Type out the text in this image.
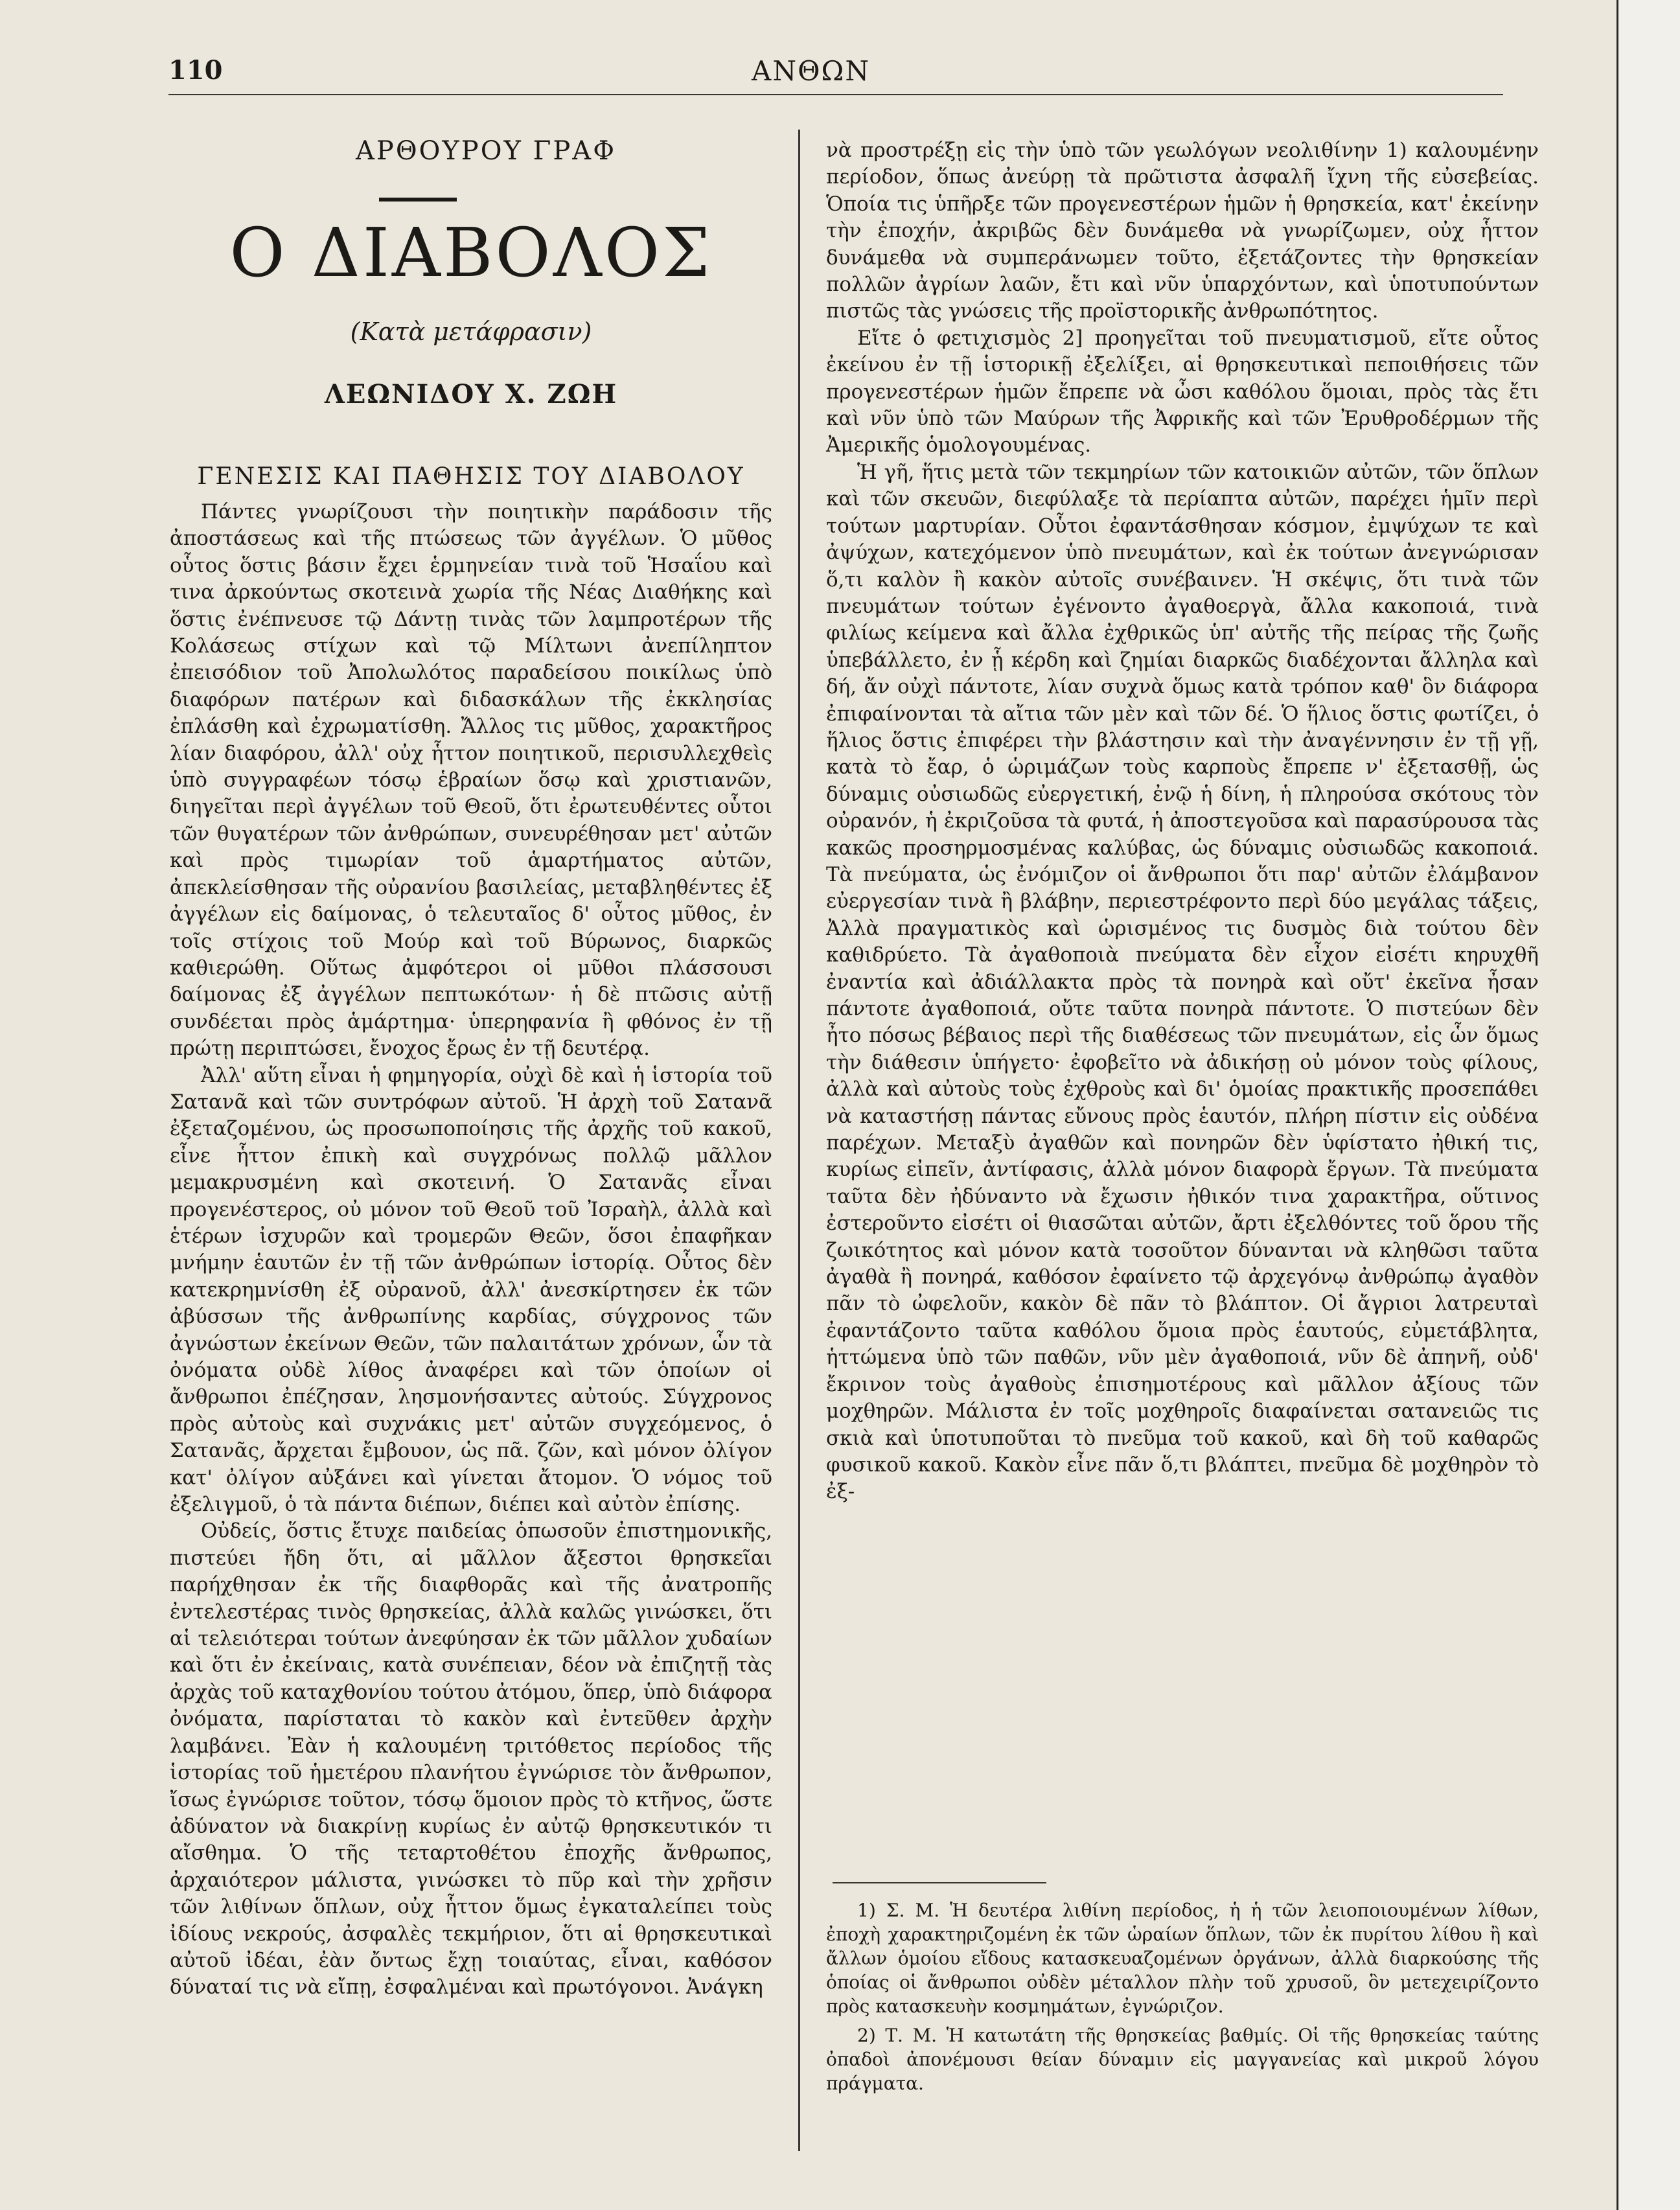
110	ΑΝΘΩΝ
ΑΡΘΟΥΡΟΥ ΓΡΑΦ
Ο ΔΙΑΒΟΛΟΣ
(Κατὰ μετάφρασιν)
ΛΕΩΝΙΔΟΥ Χ. ΖΩΗ
ΓΕΝΕΣΙΣ ΚΑΙ ΠΑΘΗΣΙΣ ΤΟΥ ΔΙΑΒΟΛΟΥ

Πάντες γνωρίζουσι τὴν ποιητικὴν παράδοσιν τῆς ἀποστάσεως καὶ τῆς πτώσεως τῶν ἀγγέλων. Ὁ μῦθος οὗτος ὅστις βάσιν ἔχει ἑρμηνείαν τινὰ τοῦ Ἡσαΐου καὶ τινα ἀρκούντως σκοτεινὰ χωρία τῆς Νέας Διαθήκης καὶ ὅστις ἐνέπνευσε τῷ Δάντῃ τινὰς τῶν λαμπροτέρων τῆς Κολάσεως στίχων καὶ τῷ Μίλτωνι ἀνεπίληπτον ἐπεισόδιον τοῦ Ἀπολωλότος παραδείσου ποικίλως ὑπὸ διαφόρων πατέρων καὶ διδασκάλων τῆς ἐκκλησίας ἐπλάσθη καὶ ἐχρωματίσθη. Ἄλλος τις μῦθος, χαρακτῆρος λίαν διαφόρου, ἀλλ' οὐχ ἧττον ποιητικοῦ, περισυλλεχθεὶς ὑπὸ συγγραφέων τόσῳ ἑβραίων ὅσῳ καὶ χριστιανῶν, διηγεῖται περὶ ἀγγέλων τοῦ Θεοῦ, ὅτι ἐρωτευθέντες οὗτοι τῶν θυγατέρων τῶν ἀνθρώπων, συνευρέθησαν μετ' αὐτῶν καὶ πρὸς τιμωρίαν τοῦ ἁμαρτήματος αὐτῶν, ἀπεκλείσθησαν τῆς οὐρανίου βασιλείας, μεταβληθέντες ἐξ ἀγγέλων εἰς δαίμονας, ὁ τελευταῖος δ' οὗτος μῦθος, ἐν τοῖς στίχοις τοῦ Μούρ καὶ τοῦ Βύρωνος, διαρκῶς καθιερώθη. Οὕτως ἀμφότεροι οἱ μῦθοι πλάσσουσι δαίμονας ἐξ ἀγγέλων πεπτωκότων· ἡ δὲ πτῶσις αὐτῇ συνδέεται πρὸς ἁμάρτημα· ὑπερηφανία ἢ φθόνος ἐν τῇ πρώτῃ περιπτώσει, ἔνοχος ἔρως ἐν τῇ δευτέρᾳ.

Ἀλλ' αὕτη εἶναι ἡ φημηγορία, οὐχὶ δὲ καὶ ἡ ἱστορία τοῦ Σατανᾶ καὶ τῶν συντρόφων αὐτοῦ. Ἡ ἀρχὴ τοῦ Σατανᾶ ἐξεταζομένου, ὡς προσωποποίησις τῆς ἀρχῆς τοῦ κακοῦ, εἶνε ἧττον ἐπικὴ καὶ συγχρόνως πολλῷ μᾶλλον μεμακρυσμένη καὶ σκοτεινή. Ὁ Σατανᾶς εἶναι προγενέστερος, οὐ μόνον τοῦ Θεοῦ τοῦ Ἰσραὴλ, ἀλλὰ καὶ ἑτέρων ἰσχυρῶν καὶ τρομερῶν Θεῶν, ὅσοι ἐπαφῆκαν μνήμην ἑαυτῶν ἐν τῇ τῶν ἀνθρώπων ἱστορίᾳ. Οὗτος δὲν κατεκρημνίσθη ἐξ οὐρανοῦ, ἀλλ' ἀνεσκίρτησεν ἐκ τῶν ἀβύσσων τῆς ἀνθρωπίνης καρδίας, σύγχρονος τῶν ἀγνώστων ἐκείνων Θεῶν, τῶν παλαιτάτων χρόνων, ὧν τὰ ὀνόματα οὐδὲ λίθος ἀναφέρει καὶ τῶν ὁποίων οἱ ἄνθρωποι ἐπέζησαν, λησμονήσαντες αὐτούς. Σύγχρονος πρὸς αὐτοὺς καὶ συχνάκις μετ' αὐτῶν συγχεόμενος, ὁ Σατανᾶς, ἄρχεται ἔμβουον, ὡς πᾶ. ζῶν, καὶ μόνον ὀλίγον κατ' ὀλίγον αὐξάνει καὶ γίνεται ἄτομον. Ὁ νόμος τοῦ ἐξελιγμοῦ, ὁ τὰ πάντα διέπων, διέπει καὶ αὐτὸν ἐπίσης.

Οὐδείς, ὅστις ἔτυχε παιδείας ὁπωσοῦν ἐπιστημονικῆς, πιστεύει ἤδη ὅτι, αἱ μᾶλλον ἄξεστοι θρησκεῖαι παρήχθησαν ἐκ τῆς διαφθορᾶς καὶ τῆς ἀνατροπῆς ἐντελεστέρας τινὸς θρησκείας, ἀλλὰ καλῶς γινώσκει, ὅτι αἱ τελειότεραι τούτων ἀνεφύησαν ἐκ τῶν μᾶλλον χυδαίων καὶ ὅτι ἐν ἐκείναις, κατὰ συνέπειαν, δέον νὰ ἐπιζητῇ τὰς ἀρχὰς τοῦ καταχθονίου τούτου ἀτόμου, ὅπερ, ὑπὸ διάφορα ὀνόματα, παρίσταται τὸ κακὸν καὶ ἐντεῦθεν ἀρχὴν λαμβάνει. Ἐὰν ἡ καλουμένη τριτόθετος περίοδος τῆς ἱστορίας τοῦ ἡμετέρου πλανήτου ἐγνώρισε τὸν ἄνθρωπον, ἴσως ἐγνώρισε τοῦτον, τόσῳ ὅμοιον πρὸς τὸ κτῆνος, ὥστε ἀδύνατον νὰ διακρίνῃ κυρίως ἐν αὐτῷ θρησκευτικόν τι αἴσθημα. Ὁ τῆς τεταρτοθέτου ἐποχῆς ἄνθρωπος, ἀρχαιότερον μάλιστα, γινώσκει τὸ πῦρ καὶ τὴν χρῆσιν τῶν λιθίνων ὅπλων, οὐχ ἧττον ὅμως ἐγκαταλείπει τοὺς ἰδίους νεκρούς, ἀσφαλὲς τεκμήριον, ὅτι αἱ θρησκευτικαὶ αὐτοῦ ἰδέαι, ἐὰν ὄντως ἔχῃ τοιαύτας, εἶναι, καθόσον δύναταί τις νὰ εἴπῃ, ἐσφαλμέναι καὶ πρωτόγονοι. Ἀνάγκη

νὰ προστρέξῃ εἰς τὴν ὑπὸ τῶν γεωλόγων νεολιθίνην 1) καλουμένην περίοδον, ὅπως ἀνεύρῃ τὰ πρῶτιστα ἀσφαλῆ ἴχνη τῆς εὐσεβείας. Ὁποία τις ὑπῆρξε τῶν προγενεστέρων ἡμῶν ἡ θρησκεία, κατ' ἐκείνην τὴν ἐποχήν, ἀκριβῶς δὲν δυνάμεθα νὰ γνωρίζωμεν, οὐχ ἧττον δυνάμεθα νὰ συμπεράνωμεν τοῦτο, ἐξετάζοντες τὴν θρησκείαν πολλῶν ἀγρίων λαῶν, ἔτι καὶ νῦν ὑπαρχόντων, καὶ ὑποτυπούντων πιστῶς τὰς γνώσεις τῆς προϊστορικῆς ἀνθρωπότητος.

Εἴτε ὁ φετιχισμὸς 2] προηγεῖται τοῦ πνευματισμοῦ, εἴτε οὗτος ἐκείνου ἐν τῇ ἱστορικῇ ἐξελίξει, αἱ θρησκευτικαὶ πεποιθήσεις τῶν προγενεστέρων ἡμῶν ἔπρεπε νὰ ὦσι καθόλου ὅμοιαι, πρὸς τὰς ἔτι καὶ νῦν ὑπὸ τῶν Μαύρων τῆς Ἀφρικῆς καὶ τῶν Ἐρυθροδέρμων τῆς Ἀμερικῆς ὁμολογουμένας.

Ἡ γῆ, ἥτις μετὰ τῶν τεκμηρίων τῶν κατοικιῶν αὐτῶν, τῶν ὅπλων καὶ τῶν σκευῶν, διεφύλαξε τὰ περίαπτα αὐτῶν, παρέχει ἡμῖν περὶ τούτων μαρτυρίαν. Οὗτοι ἐφαντάσθησαν κόσμον, ἐμψύχων τε καὶ ἀψύχων, κατεχόμενον ὑπὸ πνευμάτων, καὶ ἐκ τούτων ἀνεγνώρισαν ὅ,τι καλὸν ἢ κακὸν αὐτοῖς συνέβαινεν. Ἡ σκέψις, ὅτι τινὰ τῶν πνευμάτων τούτων ἐγένοντο ἀγαθοεργὰ, ἄλλα κακοποιά, τινὰ φιλίως κείμενα καὶ ἄλλα ἐχθρικῶς ὑπ' αὐτῆς τῆς πείρας τῆς ζωῆς ὑπεβάλλετο, ἐν ᾗ κέρδη καὶ ζημίαι διαρκῶς διαδέχονται ἄλληλα καὶ δή, ἄν οὐχὶ πάντοτε, λίαν συχνὰ ὅμως κατὰ τρόπον καθ' ὃν διάφορα ἐπιφαίνονται τὰ αἴτια τῶν μὲν καὶ τῶν δέ. Ὁ ἥλιος ὅστις φωτίζει, ὁ ἥλιος ὅστις ἐπιφέρει τὴν βλάστησιν καὶ τὴν ἀναγέννησιν ἐν τῇ γῇ, κατὰ τὸ ἔαρ, ὁ ὡριμάζων τοὺς καρποὺς ἔπρεπε ν' ἐξετασθῇ, ὡς δύναμις οὐσιωδῶς εὐεργετική, ἐνῷ ἡ δίνη, ἡ πληρούσα σκότους τὸν οὐρανόν, ἡ ἐκριζοῦσα τὰ φυτά, ἡ ἀποστεγοῦσα καὶ παρασύρουσα τὰς κακῶς προσηρμοσμένας καλύβας, ὡς δύναμις οὐσιωδῶς κακοποιά. Τὰ πνεύματα, ὡς ἐνόμιζον οἱ ἄνθρωποι ὅτι παρ' αὐτῶν ἐλάμβανον εὐεργεσίαν τινὰ ἢ βλάβην, περιεστρέφοντο περὶ δύο μεγάλας τάξεις, Ἀλλὰ πραγματικὸς καὶ ὡρισμένος τις δυσμὸς διὰ τούτου δὲν καθιδρύετο. Τὰ ἀγαθοποιὰ πνεύματα δὲν εἶχον εἰσέτι κηρυχθῆ ἐναντία καὶ ἀδιάλλακτα πρὸς τὰ πονηρὰ καὶ οὔτ' ἐκεῖνα ἦσαν πάντοτε ἀγαθοποιά, οὔτε ταῦτα πονηρὰ πάντοτε. Ὁ πιστεύων δὲν ἦτο πόσως βέβαιος περὶ τῆς διαθέσεως τῶν πνευμάτων, εἰς ὧν ὅμως τὴν διάθεσιν ὑπήγετο· ἐφοβεῖτο νὰ ἀδικήσῃ οὐ μόνον τοὺς φίλους, ἀλλὰ καὶ αὐτοὺς τοὺς ἐχθροὺς καὶ δι' ὁμοίας πρακτικῆς προσεπάθει νὰ καταστήσῃ πάντας εὔνους πρὸς ἑαυτόν, πλήρη πίστιν εἰς οὐδένα παρέχων. Μεταξὺ ἀγαθῶν καὶ πονηρῶν δὲν ὑφίστατο ἠθική τις, κυρίως εἰπεῖν, ἀντίφασις, ἀλλὰ μόνον διαφορὰ ἔργων. Τὰ πνεύματα ταῦτα δὲν ἠδύναντο νὰ ἔχωσιν ἠθικόν τινα χαρακτῆρα, οὕτινος ἐστεροῦντο εἰσέτι οἱ θιασῶται αὐτῶν, ἄρτι ἐξελθόντες τοῦ ὅρου τῆς ζωικότητος καὶ μόνον κατὰ τοσοῦτον δύνανται νὰ κληθῶσι ταῦτα ἀγαθὰ ἢ πονηρά, καθόσον ἐφαίνετο τῷ ἀρχεγόνῳ ἀνθρώπῳ ἀγαθὸν πᾶν τὸ ὠφελοῦν, κακὸν δὲ πᾶν τὸ βλάπτον. Οἱ ἄγριοι λατρευταὶ ἐφαντάζοντο ταῦτα καθόλου ὅμοια πρὸς ἑαυτούς, εὐμετάβλητα, ἡττώμενα ὑπὸ τῶν παθῶν, νῦν μὲν ἀγαθοποιά, νῦν δὲ ἀπηνῆ, οὐδ' ἔκρινον τοὺς ἀγαθοὺς ἐπισημοτέρους καὶ μᾶλλον ἀξίους τῶν μοχθηρῶν. Μάλιστα ἐν τοῖς μοχθηροῖς διαφαίνεται σατανειῶς τις σκιὰ καὶ ὑποτυποῦται τὸ πνεῦμα τοῦ κακοῦ, καὶ δὴ τοῦ καθαρῶς φυσικοῦ κακοῦ. Κακὸν εἶνε πᾶν ὅ,τι βλάπτει, πνεῦμα δὲ μοχθηρὸν τὸ ἐξ-

1) Σ. Μ. Ἡ δευτέρα λιθίνη περίοδος, ἡ ἡ τῶν λειοποιουμένων λίθων, ἐποχὴ χαρακτηριζομένη ἐκ τῶν ὡραίων ὅπλων, τῶν ἐκ πυρίτου λίθου ἢ καὶ ἄλλων ὁμοίου εἴδους κατασκευαζομένων ὀργάνων, ἀλλὰ διαρκούσης τῆς ὁποίας οἱ ἄνθρωποι οὐδὲν μέταλλον πλὴν τοῦ χρυσοῦ, ὃν μετεχειρίζοντο πρὸς κατασκευὴν κοσμημάτων, ἐγνώριζον.

2) Τ. Μ. Ἡ κατωτάτη τῆς θρησκείας βαθμίς. Οἱ τῆς θρησκείας ταύτης ὀπαδοὶ ἀπονέμουσι θείαν δύναμιν εἰς μαγγανείας καὶ μικροῦ λόγου πράγματα.
